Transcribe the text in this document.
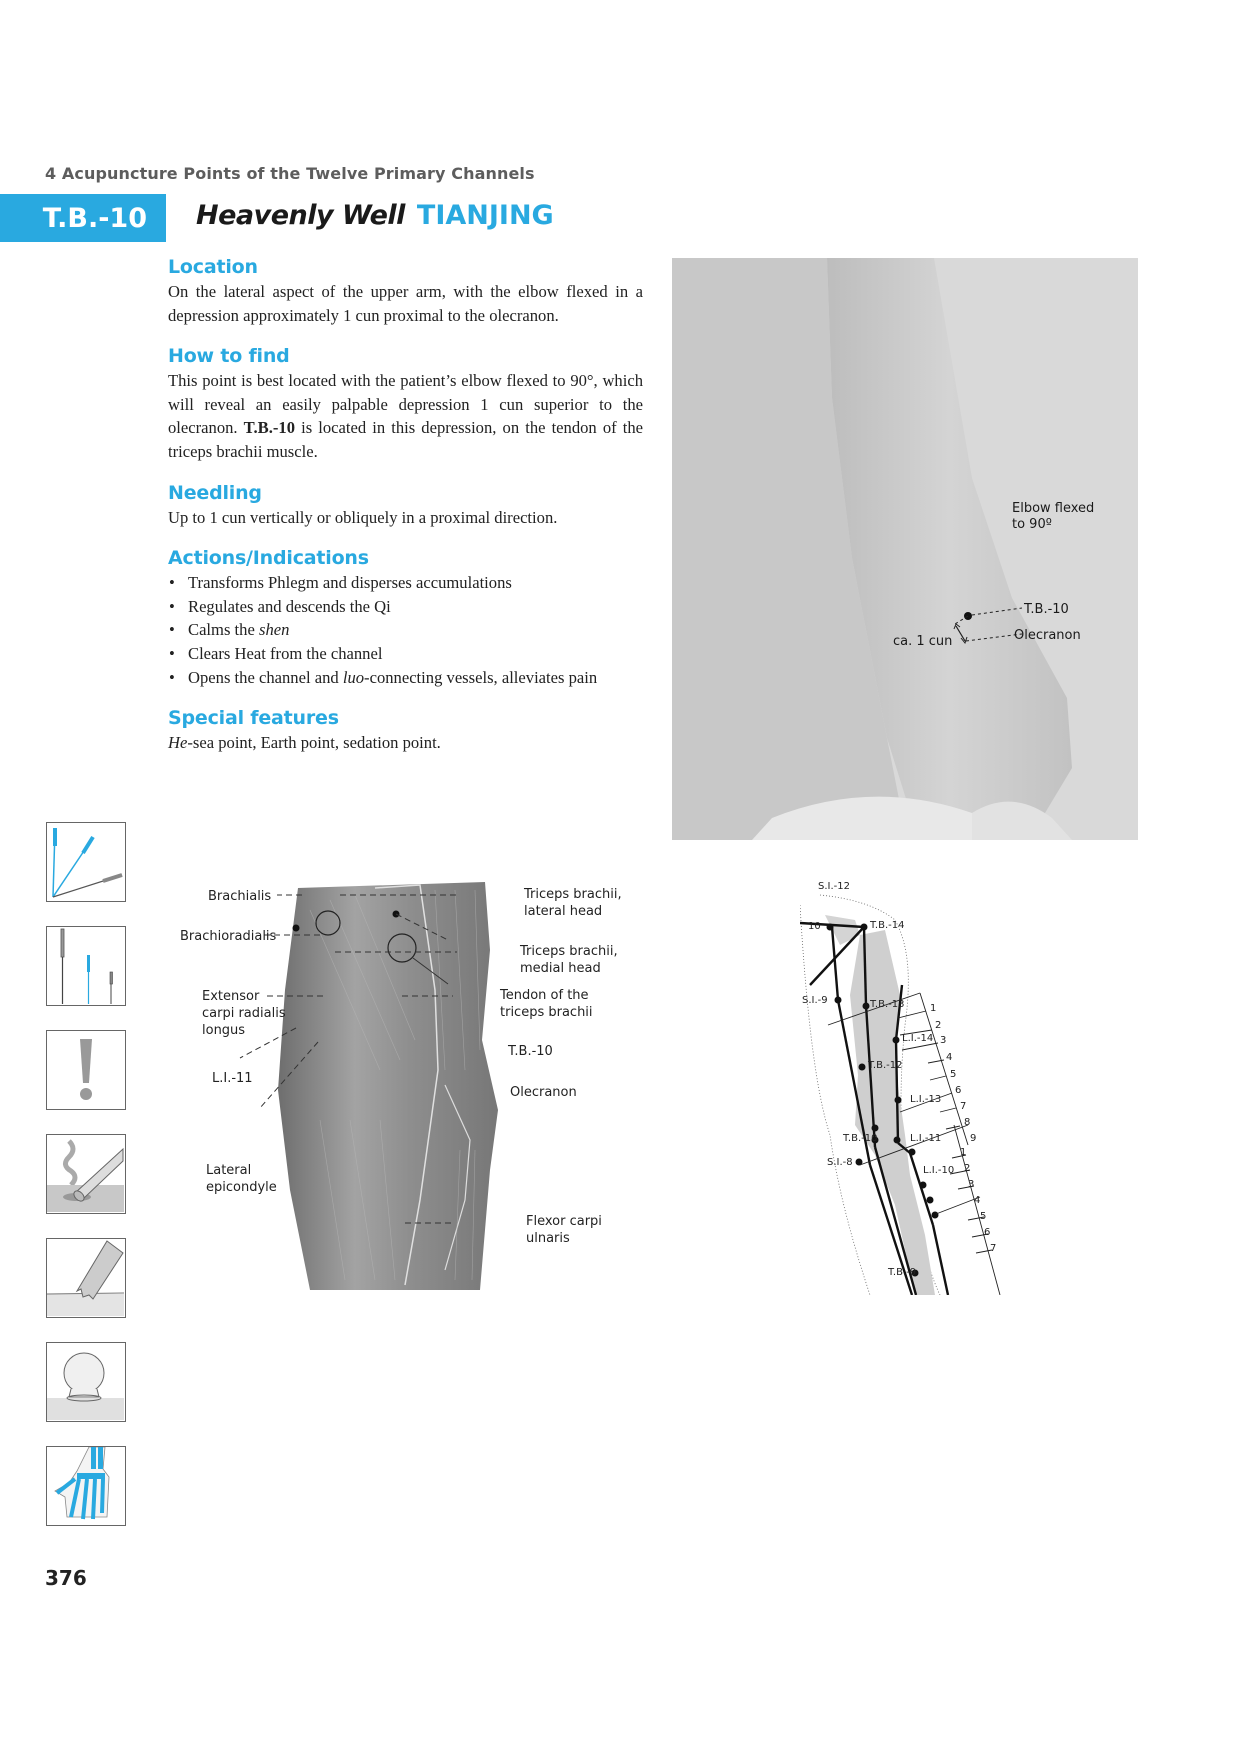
4 Acupuncture Points of the Twelve Primary Channels
T.B.-10 Heavenly Well TIANJING
Location

On the lateral aspect of the upper arm, with the elbow flexed in a depression approximately 1 cun proximal to the olecranon.

How to find

This point is best located with the patient’s elbow flexed to 90°, which will reveal an easily palpable depression 1 cun superior to the olecranon. T.B.-10 is located in this depression, on the tendon of the triceps brachii muscle.

Needling

Up to 1 cun vertically or obliquely in a proximal direction.

Actions/Indications
• Transforms Phlegm and disperses accumulations
• Regulates and descends the Qi
• Calms the shen
• Clears Heat from the channel
• Opens the channel and luo-connecting vessels, alleviates pain
Special features

He-sea point, Earth point, sedation point.

Elbow flexed
to 90º
T.B.-10
Olecranon
ca. 1 cun
Brachialis
Brachioradialis
Extensor
carpi radialis
longus
L.I.-11
Lateral
epicondyle
Triceps brachii,
lateral head
Triceps brachii,
medial head
Tendon of the
triceps brachii
T.B.-10
Olecranon
Flexor carpi
ulnaris
S.I.-12
10	T.B.-14
T.B.-13
S.I.-9
L.I.-14
T.B.-12
L.I.-13
T.B.-10	L.I.-11
S.I.-8
L.I.-10
T.B.-9
1
2
3
4
5
6
7
8
9
1
2
3
4
5
6
7
376
